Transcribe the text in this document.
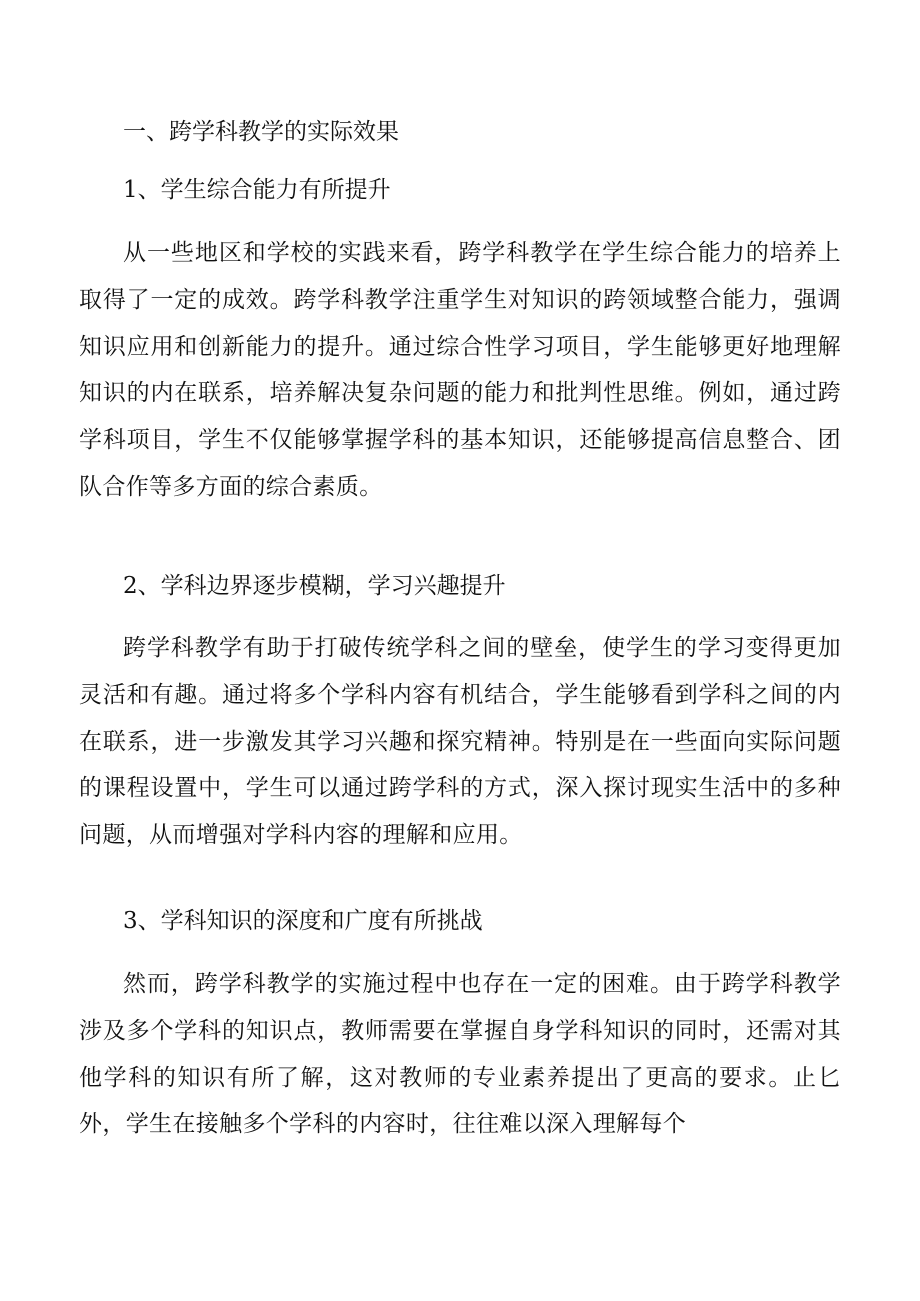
一、跨学科教学的实际效果
1、学生综合能力有所提升

从一些地区和学校的实践来看，跨学科教学在学生综合能力的培养上取得了一定的成效。跨学科教学注重学生对知识的跨领域整合能力，强调知识应用和创新能力的提升。通过综合性学习项目，学生能够更好地理解知识的内在联系，培养解决复杂问题的能力和批判性思维。例如，通过跨学科项目，学生不仅能够掌握学科的基本知识，还能够提高信息整合、团队合作等多方面的综合素质。

2、学科边界逐步模糊，学习兴趣提升

跨学科教学有助于打破传统学科之间的壁垒，使学生的学习变得更加灵活和有趣。通过将多个学科内容有机结合，学生能够看到学科之间的内在联系，进一步激发其学习兴趣和探究精神。特别是在一些面向实际问题的课程设置中，学生可以通过跨学科的方式，深入探讨现实生活中的多种问题，从而增强对学科内容的理解和应用。

3、学科知识的深度和广度有所挑战

然而，跨学科教学的实施过程中也存在一定的困难。由于跨学科教学涉及多个学科的知识点，教师需要在掌握自身学科知识的同时，还需对其他学科的知识有所了解，这对教师的专业素养提出了更高的要求。止匕外，学生在接触多个学科的内容时，往往难以深入理解每个
